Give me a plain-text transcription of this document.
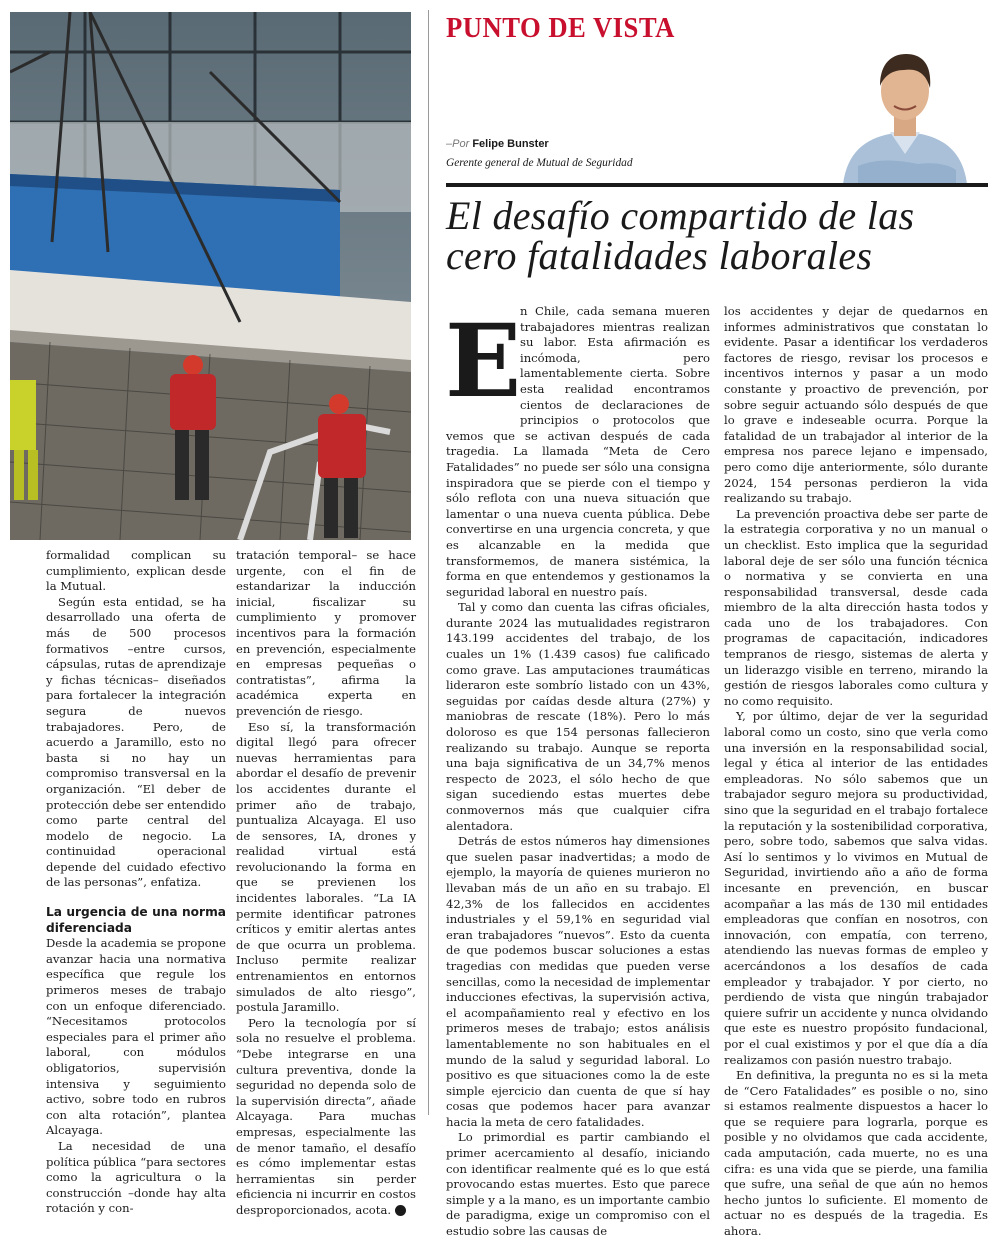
formalidad complican su cumplimiento, explican desde la Mutual.

Según esta entidad, se ha desarrollado una oferta de más de 500 procesos formativos –entre cursos, cápsulas, rutas de aprendizaje y fichas técnicas– diseñados para fortalecer la integración segura de nuevos trabajadores. Pero, de acuerdo a Jaramillo, esto no basta si no hay un compromiso transversal en la organización. “El deber de protección debe ser entendido como parte central del modelo de negocio. La continuidad operacional depende del cuidado efectivo de las personas”, enfatiza.

La urgencia de una norma diferenciada

Desde la academia se propone avanzar hacia una normativa específica que regule los primeros meses de trabajo con un enfoque diferenciado. “Necesitamos protocolos especiales para el primer año laboral, con módulos obligatorios, supervisión intensiva y seguimiento activo, sobre todo en rubros con alta rotación”, plantea Alcayaga.

La necesidad de una política pública “para sectores como la agricultura o la construcción –donde hay alta rotación y con-

tratación temporal– se hace urgente, con el fin de estandarizar la inducción inicial, fiscalizar su cumplimiento y promover incentivos para la formación en prevención, especialmente en empresas pequeñas o contratistas”, afirma la académica experta en prevención de riesgo.

Eso sí, la transformación digital llegó para ofrecer nuevas herramientas para abordar el desafío de prevenir los accidentes durante el primer año de trabajo, puntualiza Alcayaga. El uso de sensores, IA, drones y realidad virtual está revolucionando la forma en que se previenen los incidentes laborales. “La IA permite identificar patrones críticos y emitir alertas antes de que ocurra un problema. Incluso permite realizar entrenamientos en entornos simulados de alto riesgo”, postula Jaramillo.

Pero la tecnología por sí sola no resuelve el problema. “Debe integrarse en una cultura preventiva, donde la seguridad no dependa solo de la supervisión directa”, añade Alcayaga. Para muchas empresas, especialmente las de menor tamaño, el desafío es cómo implementar estas herramientas sin perder eficiencia ni incurrir en costos desproporcionados, acota. P

PUNTO DE VISTA
–Por Felipe Bunster
Gerente general de Mutual de Seguridad
El desafío compartido de las cero fatalidades laborales
E

n Chile, cada semana mueren trabajadores mientras realizan su labor. Esta afirmación es incómoda, pero lamentablemente cierta. Sobre esta realidad encontramos cientos de declaraciones de principios o protocolos que vemos que se activan después de cada tragedia. La llamada “Meta de Cero Fatalidades” no puede ser sólo una consigna inspiradora que se pierde con el tiempo y sólo reflota con una nueva situación que lamentar o una nueva cuenta pública. Debe convertirse en una urgencia concreta, y que es alcanzable en la medida que transformemos, de manera sistémica, la forma en que entendemos y gestionamos la seguridad laboral en nuestro país.

Tal y como dan cuenta las cifras oficiales, durante 2024 las mutualidades registraron 143.199 accidentes del trabajo, de los cuales un 1% (1.439 casos) fue calificado como grave. Las amputaciones traumáticas lideraron este sombrío listado con un 43%, seguidas por caídas desde altura (27%) y maniobras de rescate (18%). Pero lo más doloroso es que 154 personas fallecieron realizando su trabajo. Aunque se reporta una baja significativa de un 34,7% menos respecto de 2023, el sólo hecho de que sigan sucediendo estas muertes debe conmovernos más que cualquier cifra alentadora.

Detrás de estos números hay dimensiones que suelen pasar inadvertidas; a modo de ejemplo, la mayoría de quienes murieron no llevaban más de un año en su trabajo. El 42,3% de los fallecidos en accidentes industriales y el 59,1% en seguridad vial eran trabajadores “nuevos”. Esto da cuenta de que podemos buscar soluciones a estas tragedias con medidas que pueden verse sencillas, como la necesidad de implementar inducciones efectivas, la supervisión activa, el acompañamiento real y efectivo en los primeros meses de trabajo; estos análisis lamentablemente no son habituales en el mundo de la salud y seguridad laboral. Lo positivo es que situaciones como la de este simple ejercicio dan cuenta de que sí hay cosas que podemos hacer para avanzar hacia la meta de cero fatalidades.

Lo primordial es partir cambiando el primer acercamiento al desafío, iniciando con identificar realmente qué es lo que está provocando estas muertes. Esto que parece simple y a la mano, es un importante cambio de paradigma, exige un compromiso con el estudio sobre las causas de

los accidentes y dejar de quedarnos en informes administrativos que constatan lo evidente. Pasar a identificar los verdaderos factores de riesgo, revisar los procesos e incentivos internos y pasar a un modo constante y proactivo de prevención, por sobre seguir actuando sólo después de que lo grave e indeseable ocurra. Porque la fatalidad de un trabajador al interior de la empresa nos parece lejano e impensado, pero como dije anteriormente, sólo durante 2024, 154 personas perdieron la vida realizando su trabajo.

La prevención proactiva debe ser parte de la estrategia corporativa y no un manual o un checklist. Esto implica que la seguridad laboral deje de ser sólo una función técnica o normativa y se convierta en una responsabilidad transversal, desde cada miembro de la alta dirección hasta todos y cada uno de los trabajadores. Con programas de capacitación, indicadores tempranos de riesgo, sistemas de alerta y un liderazgo visible en terreno, mirando la gestión de riesgos laborales como cultura y no como requisito.

Y, por último, dejar de ver la seguridad laboral como un costo, sino que verla como una inversión en la responsabilidad social, legal y ética al interior de las entidades empleadoras. No sólo sabemos que un trabajador seguro mejora su productividad, sino que la seguridad en el trabajo fortalece la reputación y la sostenibilidad corporativa, pero, sobre todo, sabemos que salva vidas. Así lo sentimos y lo vivimos en Mutual de Seguridad, invirtiendo año a año de forma incesante en prevención, en buscar acompañar a las más de 130 mil entidades empleadoras que confían en nosotros, con innovación, con empatía, con terreno, atendiendo las nuevas formas de empleo y acercándonos a los desafíos de cada empleador y trabajador. Y por cierto, no perdiendo de vista que ningún trabajador quiere sufrir un accidente y nunca olvidando que este es nuestro propósito fundacional, por el cual existimos y por el que día a día realizamos con pasión nuestro trabajo.

En definitiva, la pregunta no es si la meta de “Cero Fatalidades” es posible o no, sino si estamos realmente dispuestos a hacer lo que se requiere para lograrla, porque es posible y no olvidamos que cada accidente, cada amputación, cada muerte, no es una cifra: es una vida que se pierde, una familia que sufre, una señal de que aún no hemos hecho juntos lo suficiente. El momento de actuar no es después de la tragedia. Es ahora.
